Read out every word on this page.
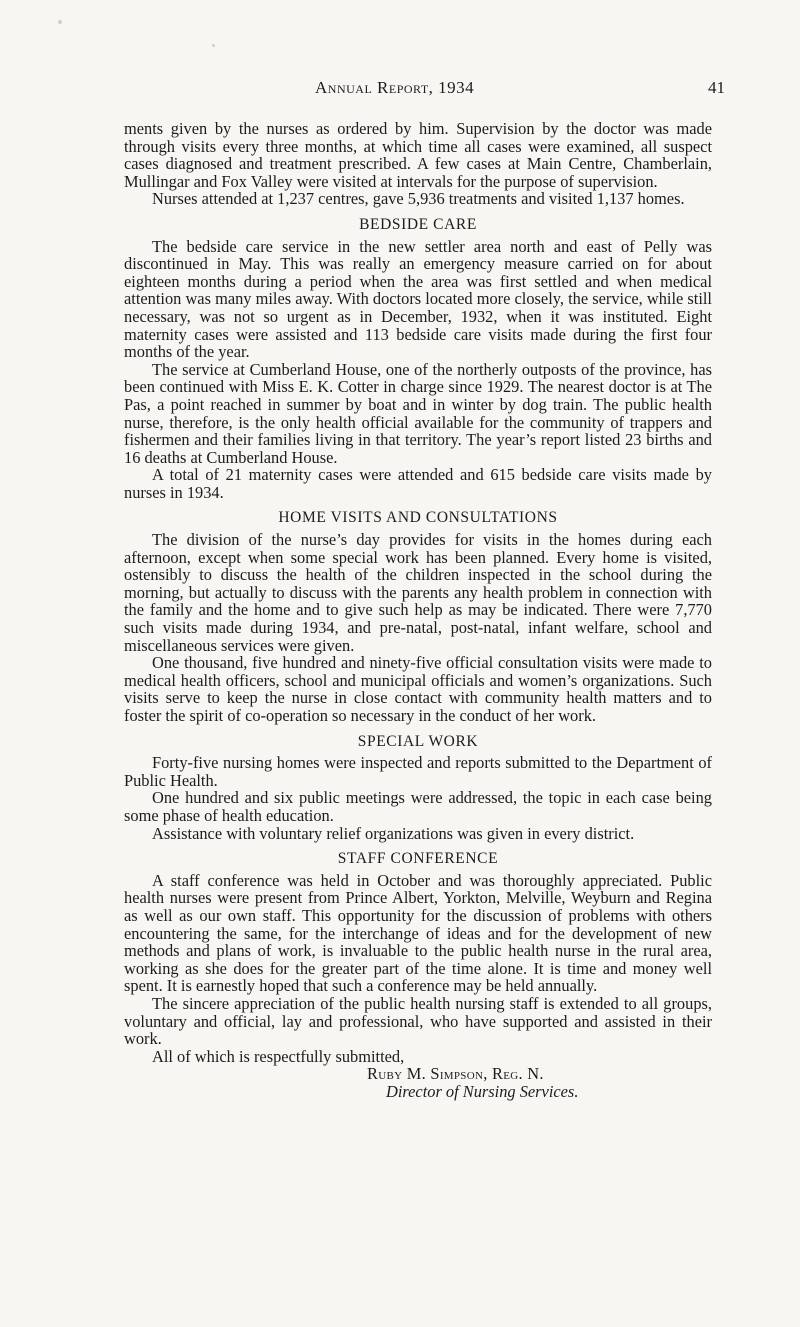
Annual Report, 1934	41

ments given by the nurses as ordered by him. Supervision by the doctor was made through visits every three months, at which time all cases were examined, all suspect cases diagnosed and treatment prescribed. A few cases at Main Centre, Chamberlain, Mullingar and Fox Valley were visited at intervals for the purpose of supervision.

Nurses attended at 1,237 centres, gave 5,936 treatments and visited 1,137 homes.

BEDSIDE CARE

The bedside care service in the new settler area north and east of Pelly was discontinued in May. This was really an emergency measure carried on for about eighteen months during a period when the area was first settled and when medical attention was many miles away. With doctors located more closely, the service, while still necessary, was not so urgent as in December, 1932, when it was instituted. Eight maternity cases were assisted and 113 bedside care visits made during the first four months of the year.

The service at Cumberland House, one of the northerly outposts of the province, has been continued with Miss E. K. Cotter in charge since 1929. The nearest doctor is at The Pas, a point reached in summer by boat and in winter by dog train. The public health nurse, therefore, is the only health official available for the community of trappers and fishermen and their families living in that territory. The year’s report listed 23 births and 16 deaths at Cumberland House.

A total of 21 maternity cases were attended and 615 bedside care visits made by nurses in 1934.

HOME VISITS AND CONSULTATIONS

The division of the nurse’s day provides for visits in the homes during each afternoon, except when some special work has been planned. Every home is visited, ostensibly to discuss the health of the children inspected in the school during the morning, but actually to discuss with the parents any health problem in connection with the family and the home and to give such help as may be indicated. There were 7,770 such visits made during 1934, and pre-natal, post-natal, infant welfare, school and miscellaneous services were given.

One thousand, five hundred and ninety-five official consultation visits were made to medical health officers, school and municipal officials and women’s organizations. Such visits serve to keep the nurse in close contact with community health matters and to foster the spirit of co-operation so necessary in the conduct of her work.

SPECIAL WORK

Forty-five nursing homes were inspected and reports submitted to the Department of Public Health.

One hundred and six public meetings were addressed, the topic in each case being some phase of health education.

Assistance with voluntary relief organizations was given in every district.

STAFF CONFERENCE

A staff conference was held in October and was thoroughly appreciated. Public health nurses were present from Prince Albert, Yorkton, Melville, Weyburn and Regina as well as our own staff. This opportunity for the discussion of problems with others encountering the same, for the interchange of ideas and for the development of new methods and plans of work, is invaluable to the public health nurse in the rural area, working as she does for the greater part of the time alone. It is time and money well spent. It is earnestly hoped that such a conference may be held annually.

The sincere appreciation of the public health nursing staff is extended to all groups, voluntary and official, lay and professional, who have supported and assisted in their work.

All of which is respectfully submitted,

Ruby M. Simpson, Reg. N.
Director of Nursing Services.
